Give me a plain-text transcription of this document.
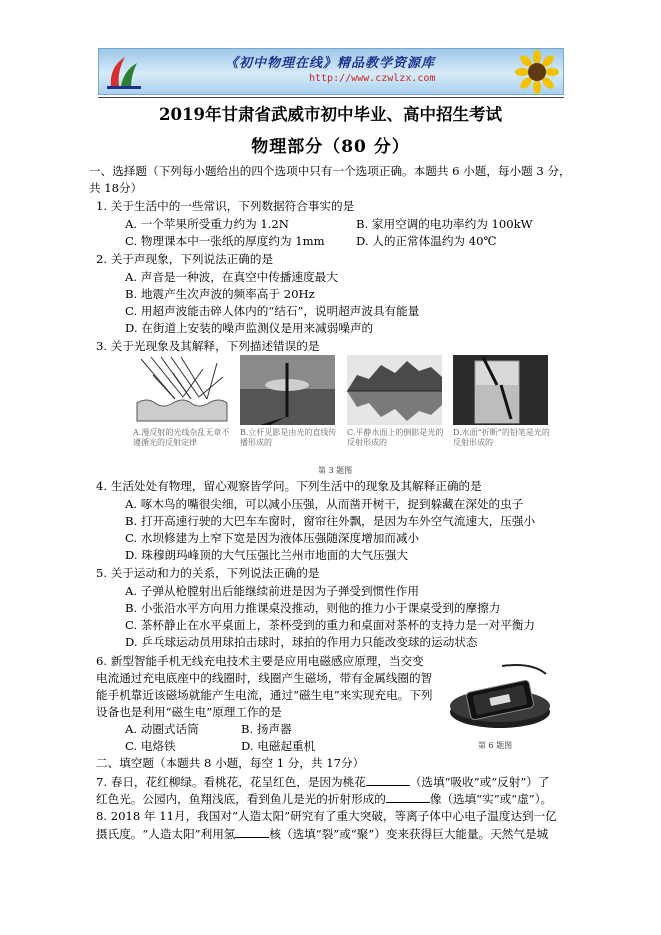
《初中物理在线》精品教学资源库
http://www.czwlzx.com
2019年甘肃省武威市初中毕业、高中招生考试
物理部分（80 分）
一、选择题（下列每小题给出的四个选项中只有一个选项正确。本题共 6 小题，每小题 3 分，
共 18分）
1. 关于生活中的一些常识，下列数据符合事实的是
A. 一个苹果所受重力约为 1.2N	B. 家用空调的电功率约为 100kW
C. 物理课本中一张纸的厚度约为 1mm	D. 人的正常体温约为 40℃
2. 关于声现象，下列说法正确的是
A. 声音是一种波，在真空中传播速度最大
B. 地震产生次声波的频率高于 20Hz
C. 用超声波能击碎人体内的“结石”，说明超声波具有能量
D. 在街道上安装的噪声监测仪是用来减弱噪声的
3. 关于光现象及其解释，下列描述错误的是
A.漫反射的光线杂乱无章不遵循光的反射定律
B.立杆见影是由光的直线传播形成的
C.平静水面上的倒影是光的反射形成的
D.水面“折断”的铅笔是光的反射形成的
第 3 题图
4. 生活处处有物理，留心观察皆学问。下列生活中的现象及其解释正确的是
A. 啄木鸟的嘴很尖细，可以减小压强，从而凿开树干，捉到躲藏在深处的虫子
B. 打开高速行驶的大巴车车窗时，窗帘往外飘，是因为车外空气流速大，压强小
C. 水坝修建为上窄下宽是因为液体压强随深度增加而减小
D. 珠穆朗玛峰顶的大气压强比兰州市地面的大气压强大
5. 关于运动和力的关系，下列说法正确的是
A. 子弹从枪膛射出后能继续前进是因为子弹受到惯性作用
B. 小张沿水平方向用力推课桌没推动，则他的推力小于课桌受到的摩擦力
C. 茶杯静止在水平桌面上，茶杯受到的重力和桌面对茶杯的支持力是一对平衡力
D. 乒乓球运动员用球拍击球时，球拍的作用力只能改变球的运动状态
6. 新型智能手机无线充电技术主要是应用电磁感应原理，当交变
电流通过充电底座中的线圈时，线圈产生磁场，带有金属线圈的智
能手机靠近该磁场就能产生电流，通过“磁生电”来实现充电。下列
设备也是利用“磁生电”原理工作的是
A. 动圈式话筒	B. 扬声器
C. 电烙铁	D. 电磁起重机	第 6 题图
二、填空题（本题共 8 小题，每空 1 分，共 17分）
7. 春日，花红柳绿。看桃花，花呈红色，是因为桃花	（选填“吸收”或“反射”）了
红色光。公园内，鱼翔浅底，看到鱼儿是光的折射形成的	像（选填“实”或“虚”）。
8. 2018 年 11月，我国对“人造太阳”研究有了重大突破，等离子体中心电子温度达到一亿
摄氏度。“人造太阳”利用氢	核（选填“裂”或“聚”）变来获得巨大能量。天然气是城
